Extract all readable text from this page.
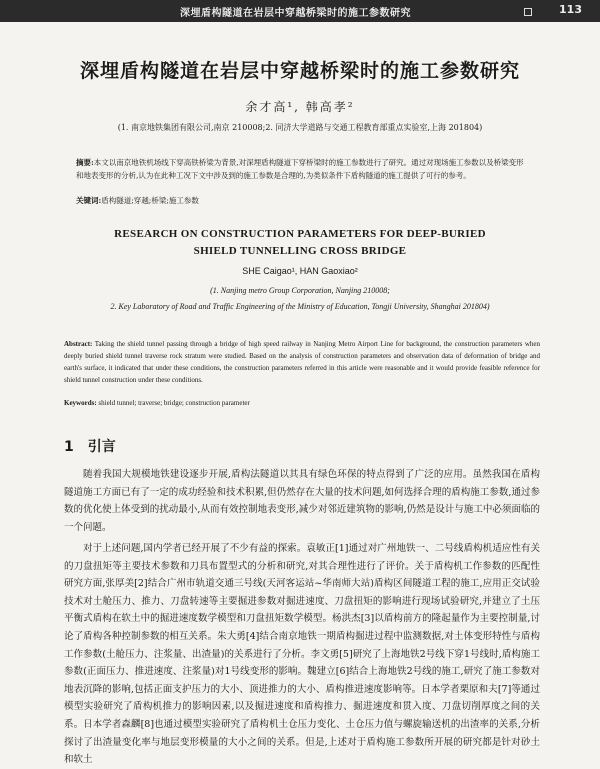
深埋盾构隧道在岩层中穿越桥梁时的施工参数研究	113
深埋盾构隧道在岩层中穿越桥梁时的施工参数研究
余才高¹, 韩高孝²
(1. 南京地铁集团有限公司,南京 210008;2. 同济大学道路与交通工程教育部重点实验室,上海 201804)
摘要:本文以南京地铁机场线下穿高铁桥梁为背景,对深埋盾构隧道下穿桥梁时的施工参数进行了研究。通过对现场施工参数以及桥梁变形和地表变形的分析,认为在此种工况下文中涉及到的施工参数是合理的,为类似条件下盾构隧道的施工提供了可行的参考。
关键词:盾构隧道;穿越;桥梁;施工参数
RESEARCH ON CONSTRUCTION PARAMETERS FOR DEEP-BURIED
SHIELD TUNNELLING CROSS BRIDGE
SHE Caigao¹, HAN Gaoxiao²
(1. Nanjing metro Group Corporation, Nanjing 210008;
2. Key Laboratory of Road and Traffic Engineering of the Ministry of Education, Tongji University, Shanghai 201804)
Abstract: Taking the shield tunnel passing through a bridge of high speed railway in Nanjing Metro Airport Line for background, the construction parameters when deeply buried shield tunnel traverse rock stratum were studied. Based on the analysis of construction parameters and observation data of deformation of bridge and earth's surface, it indicated that under these conditions, the construction parameters referred in this article were reasonable and it would provide feasible reference for shield tunnel construction under these conditions.
Keywords: shield tunnel; traverse; bridge; construction parameter
1 引言
随着我国大规模地铁建设逐步开展,盾构法隧道以其具有绿色环保的特点得到了广泛的应用。虽然我国在盾构隧道施工方面已有了一定的成功经验和技术积累,但仍然存在大量的技术问题,如何选择合理的盾构施工参数,通过参数的优化使上体受到的扰动最小,从而有效控制地表变形,减少对邻近建筑物的影响,仍然是设计与施工中必须面临的一个问题。
对于上述问题,国内学者已经开展了不少有益的探索。袁敏正[1]通过对广州地铁一、二号线盾构机适应性有关的刀盘扭矩等主要技术参数和刀具布置型式的分析和研究,对其合理性进行了评价。关于盾构机工作参数的匹配性研究方面,张厚美[2]结合广州市轨道交通三号线(天河客运站~华南师大站)盾构区间隧道工程的施工,应用正交试验技术对土舱压力、推力、刀盘转速等主要掘进参数对掘进速度、刀盘扭矩的影响进行现场试验研究,并建立了土压平衡式盾构在软土中的掘进速度数学模型和刀盘扭矩数学模型。杨洪杰[3]以盾构前方的隆起量作为主要控制量,讨论了盾构各种控制参数的相互关系。朱大勇[4]结合南京地铁一期盾构掘进过程中监测数据,对土体变形特性与盾构工作参数(土舱压力、注浆量、出渣量)的关系进行了分析。李文勇[5]研究了上海地铁2号线下穿1号线时,盾构施工参数(正面压力、推进速度、注浆量)对1号线变形的影响。魏建立[6]结合上海地铁2号线的施工,研究了施工参数对地表沉降的影响,包括正面支护压力的大小、顶进推力的大小、盾构推进速度影响等。日本学者栗原和夫[7]等通过模型实验研究了盾构机推力的影响因素,以及掘进速度和盾构推力、掘进速度和贯入度、刀盘切削厚度之间的关系。日本学者森麟[8]也通过模型实验研究了盾构机土仓压力变化、土仓压力值与螺旋输送机的出渣率的关系,分析探讨了出渣量变化率与地层变形模量的大小之间的关系。但是,上述对于盾构施工参数所开展的研究都是针对砂土和软土
